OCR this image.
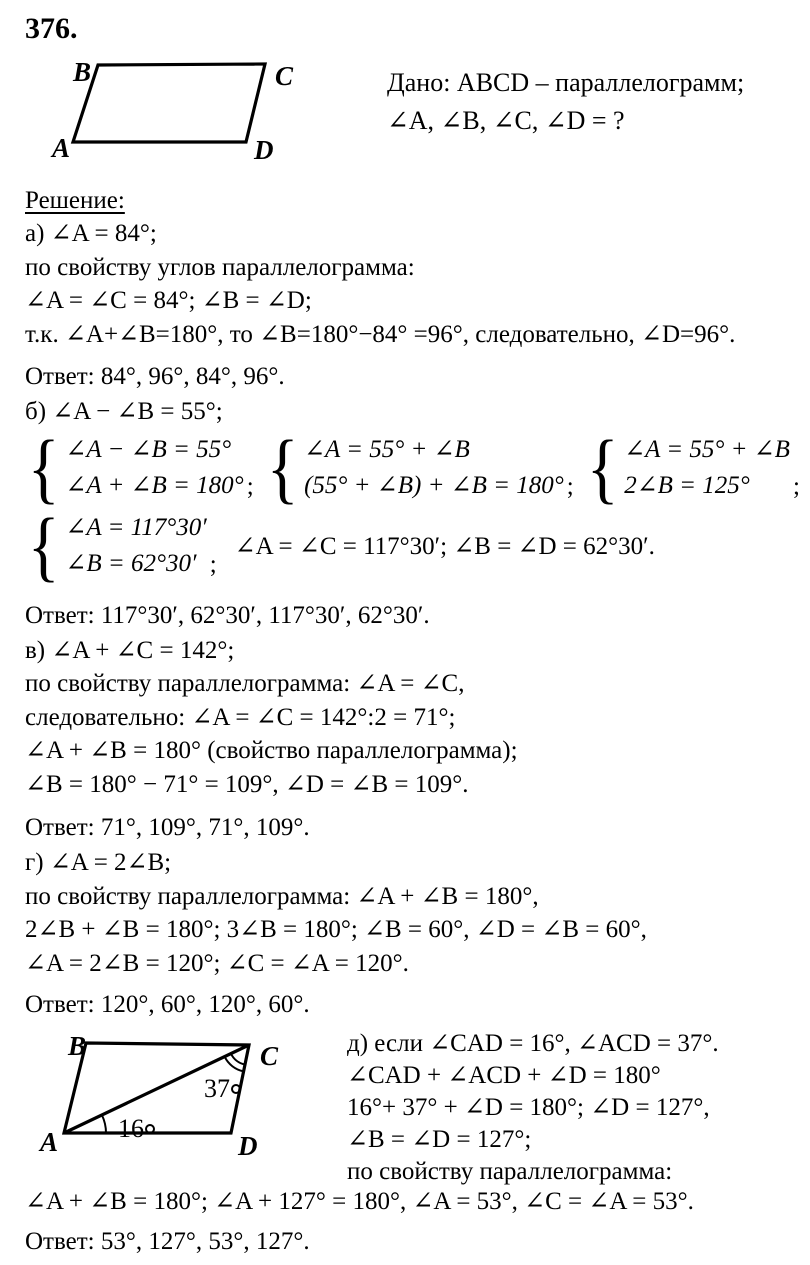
376.
B	C
A	D
Дано: ABCD – параллелограмм;
∠A, ∠B, ∠C, ∠D = ?
Решение:
а) ∠A = 84°;
по свойству углов параллелограмма:
∠A = ∠C = 84°; ∠B = ∠D;
т.к. ∠A+∠B=180°, то ∠B=180°−84° =96°, следовательно, ∠D=96°.
Ответ: 84°, 96°, 84°, 96°.
б) ∠A − ∠B = 55°;
{ ∠A − ∠B = 55°
∠A + ∠B = 180° ; { ∠A = 55° + ∠B
(55° + ∠B) + ∠B = 180° ; { ∠A = 55° + ∠B
2∠B = 125°	;
{ ∠A = 117°30′
∠B = 62°30′ ;
∠A = ∠C = 117°30′; ∠B = ∠D = 62°30′.
Ответ: 117°30′, 62°30′, 117°30′, 62°30′.
в) ∠A + ∠C = 142°;
по свойству параллелограмма: ∠A = ∠C,
следовательно: ∠A = ∠C = 142°:2 = 71°;
∠A + ∠B = 180° (свойство параллелограмма);
∠B = 180° − 71° = 109°, ∠D = ∠B = 109°.
Ответ: 71°, 109°, 71°, 109°.
г) ∠A = 2∠B;
по свойству параллелограмма: ∠A + ∠B = 180°,
2∠B + ∠B = 180°; 3∠B = 180°; ∠B = 60°, ∠D = ∠B = 60°,
∠A = 2∠B = 120°; ∠C = ∠A = 120°.
Ответ: 120°, 60°, 120°, 60°.
B	C
A	D
16
37
д) если ∠CAD = 16°, ∠ACD = 37°.
∠CAD + ∠ACD + ∠D = 180°
16°+ 37° + ∠D = 180°; ∠D = 127°,
∠B = ∠D = 127°;
по свойству параллелограмма:
∠A + ∠B = 180°; ∠A + 127° = 180°, ∠A = 53°, ∠C = ∠A = 53°.
Ответ: 53°, 127°, 53°, 127°.
